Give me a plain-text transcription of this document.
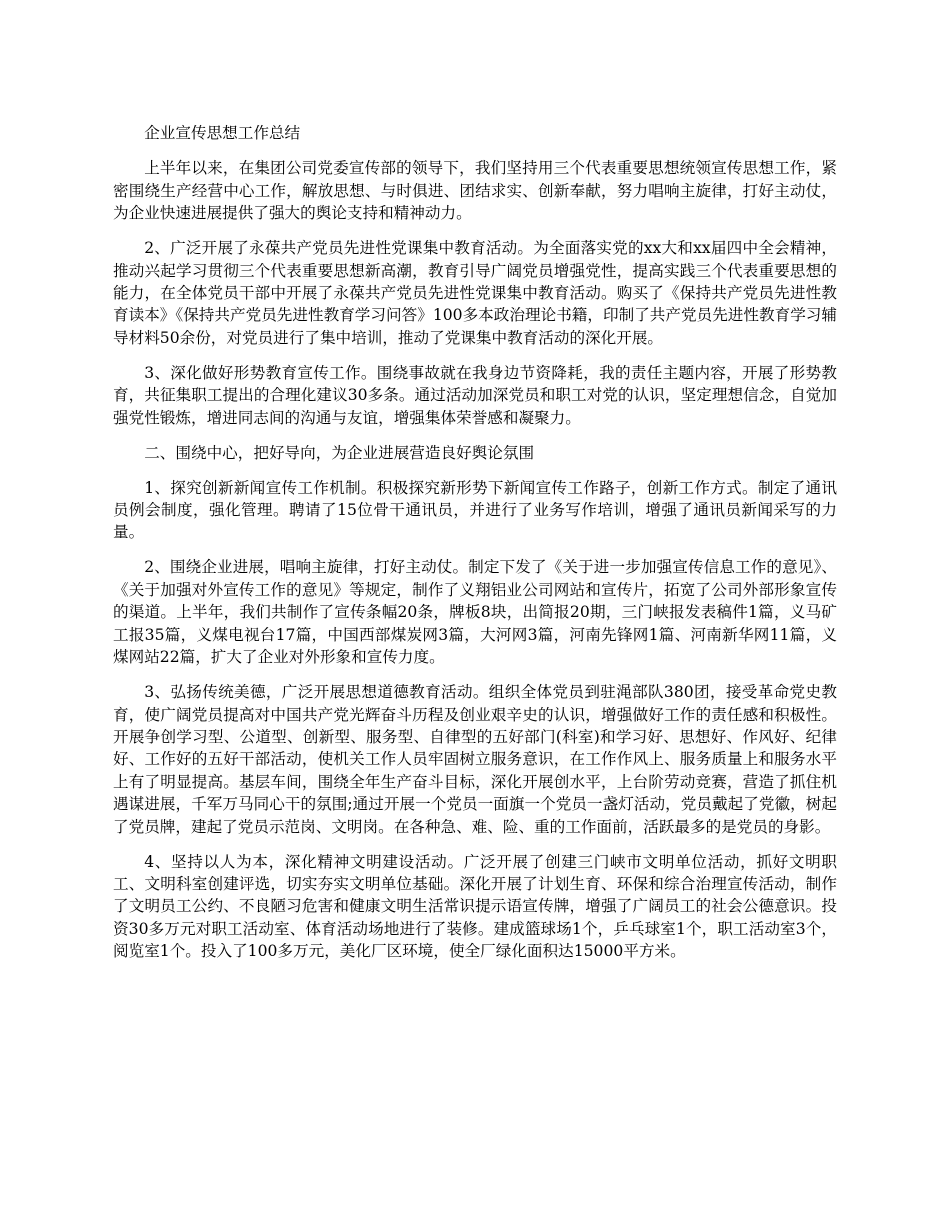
企业宣传思想工作总结

上半年以来，在集团公司党委宣传部的领导下，我们坚持用三个代表重要思想统领宣传思想工作，紧密围绕生产经营中心工作，解放思想、与时俱进、团结求实、创新奉献，努力唱响主旋律，打好主动仗，为企业快速进展提供了强大的舆论支持和精神动力。

2、广泛开展了永葆共产党员先进性党课集中教育活动。为全面落实党的xx大和xx届四中全会精神，推动兴起学习贯彻三个代表重要思想新高潮，教育引导广阔党员增强党性，提高实践三个代表重要思想的能力，在全体党员干部中开展了永葆共产党员先进性党课集中教育活动。购买了《保持共产党员先进性教育读本》《保持共产党员先进性教育学习问答》100多本政治理论书籍，印制了共产党员先进性教育学习辅导材料50余份，对党员进行了集中培训，推动了党课集中教育活动的深化开展。

3、深化做好形势教育宣传工作。围绕事故就在我身边节资降耗，我的责任主题内容，开展了形势教育，共征集职工提出的合理化建议30多条。通过活动加深党员和职工对党的认识，坚定理想信念，自觉加强党性锻炼，增进同志间的沟通与友谊，增强集体荣誉感和凝聚力。

二、围绕中心，把好导向，为企业进展营造良好舆论氛围

1、探究创新新闻宣传工作机制。积极探究新形势下新闻宣传工作路子，创新工作方式。制定了通讯员例会制度，强化管理。聘请了15位骨干通讯员，并进行了业务写作培训，增强了通讯员新闻采写的力量。

2、围绕企业进展，唱响主旋律，打好主动仗。制定下发了《关于进一步加强宣传信息工作的意见》、《关于加强对外宣传工作的意见》等规定，制作了义翔铝业公司网站和宣传片，拓宽了公司外部形象宣传的渠道。上半年，我们共制作了宣传条幅20条，牌板8块，出简报20期，三门峡报发表稿件1篇，义马矿工报35篇，义煤电视台17篇，中国西部煤炭网3篇，大河网3篇，河南先锋网1篇、河南新华网11篇，义煤网站22篇，扩大了企业对外形象和宣传力度。

3、弘扬传统美德，广泛开展思想道德教育活动。组织全体党员到驻渑部队380团，接受革命党史教育，使广阔党员提高对中国共产党光辉奋斗历程及创业艰辛史的认识，增强做好工作的责任感和积极性。开展争创学习型、公道型、创新型、服务型、自律型的五好部门(科室)和学习好、思想好、作风好、纪律好、工作好的五好干部活动，使机关工作人员牢固树立服务意识，在工作作风上、服务质量上和服务水平上有了明显提高。基层车间，围绕全年生产奋斗目标，深化开展创水平，上台阶劳动竞赛，营造了抓住机遇谋进展，千军万马同心干的氛围;通过开展一个党员一面旗一个党员一盏灯活动，党员戴起了党徽，树起了党员牌，建起了党员示范岗、文明岗。在各种急、难、险、重的工作面前，活跃最多的是党员的身影。

4、坚持以人为本，深化精神文明建设活动。广泛开展了创建三门峡市文明单位活动，抓好文明职工、文明科室创建评选，切实夯实文明单位基础。深化开展了计划生育、环保和综合治理宣传活动，制作了文明员工公约、不良陋习危害和健康文明生活常识提示语宣传牌，增强了广阔员工的社会公德意识。投资30多万元对职工活动室、体育活动场地进行了装修。建成篮球场1个，乒乓球室1个，职工活动室3个，阅览室1个。投入了100多万元，美化厂区环境，使全厂绿化面积达15000平方米。
